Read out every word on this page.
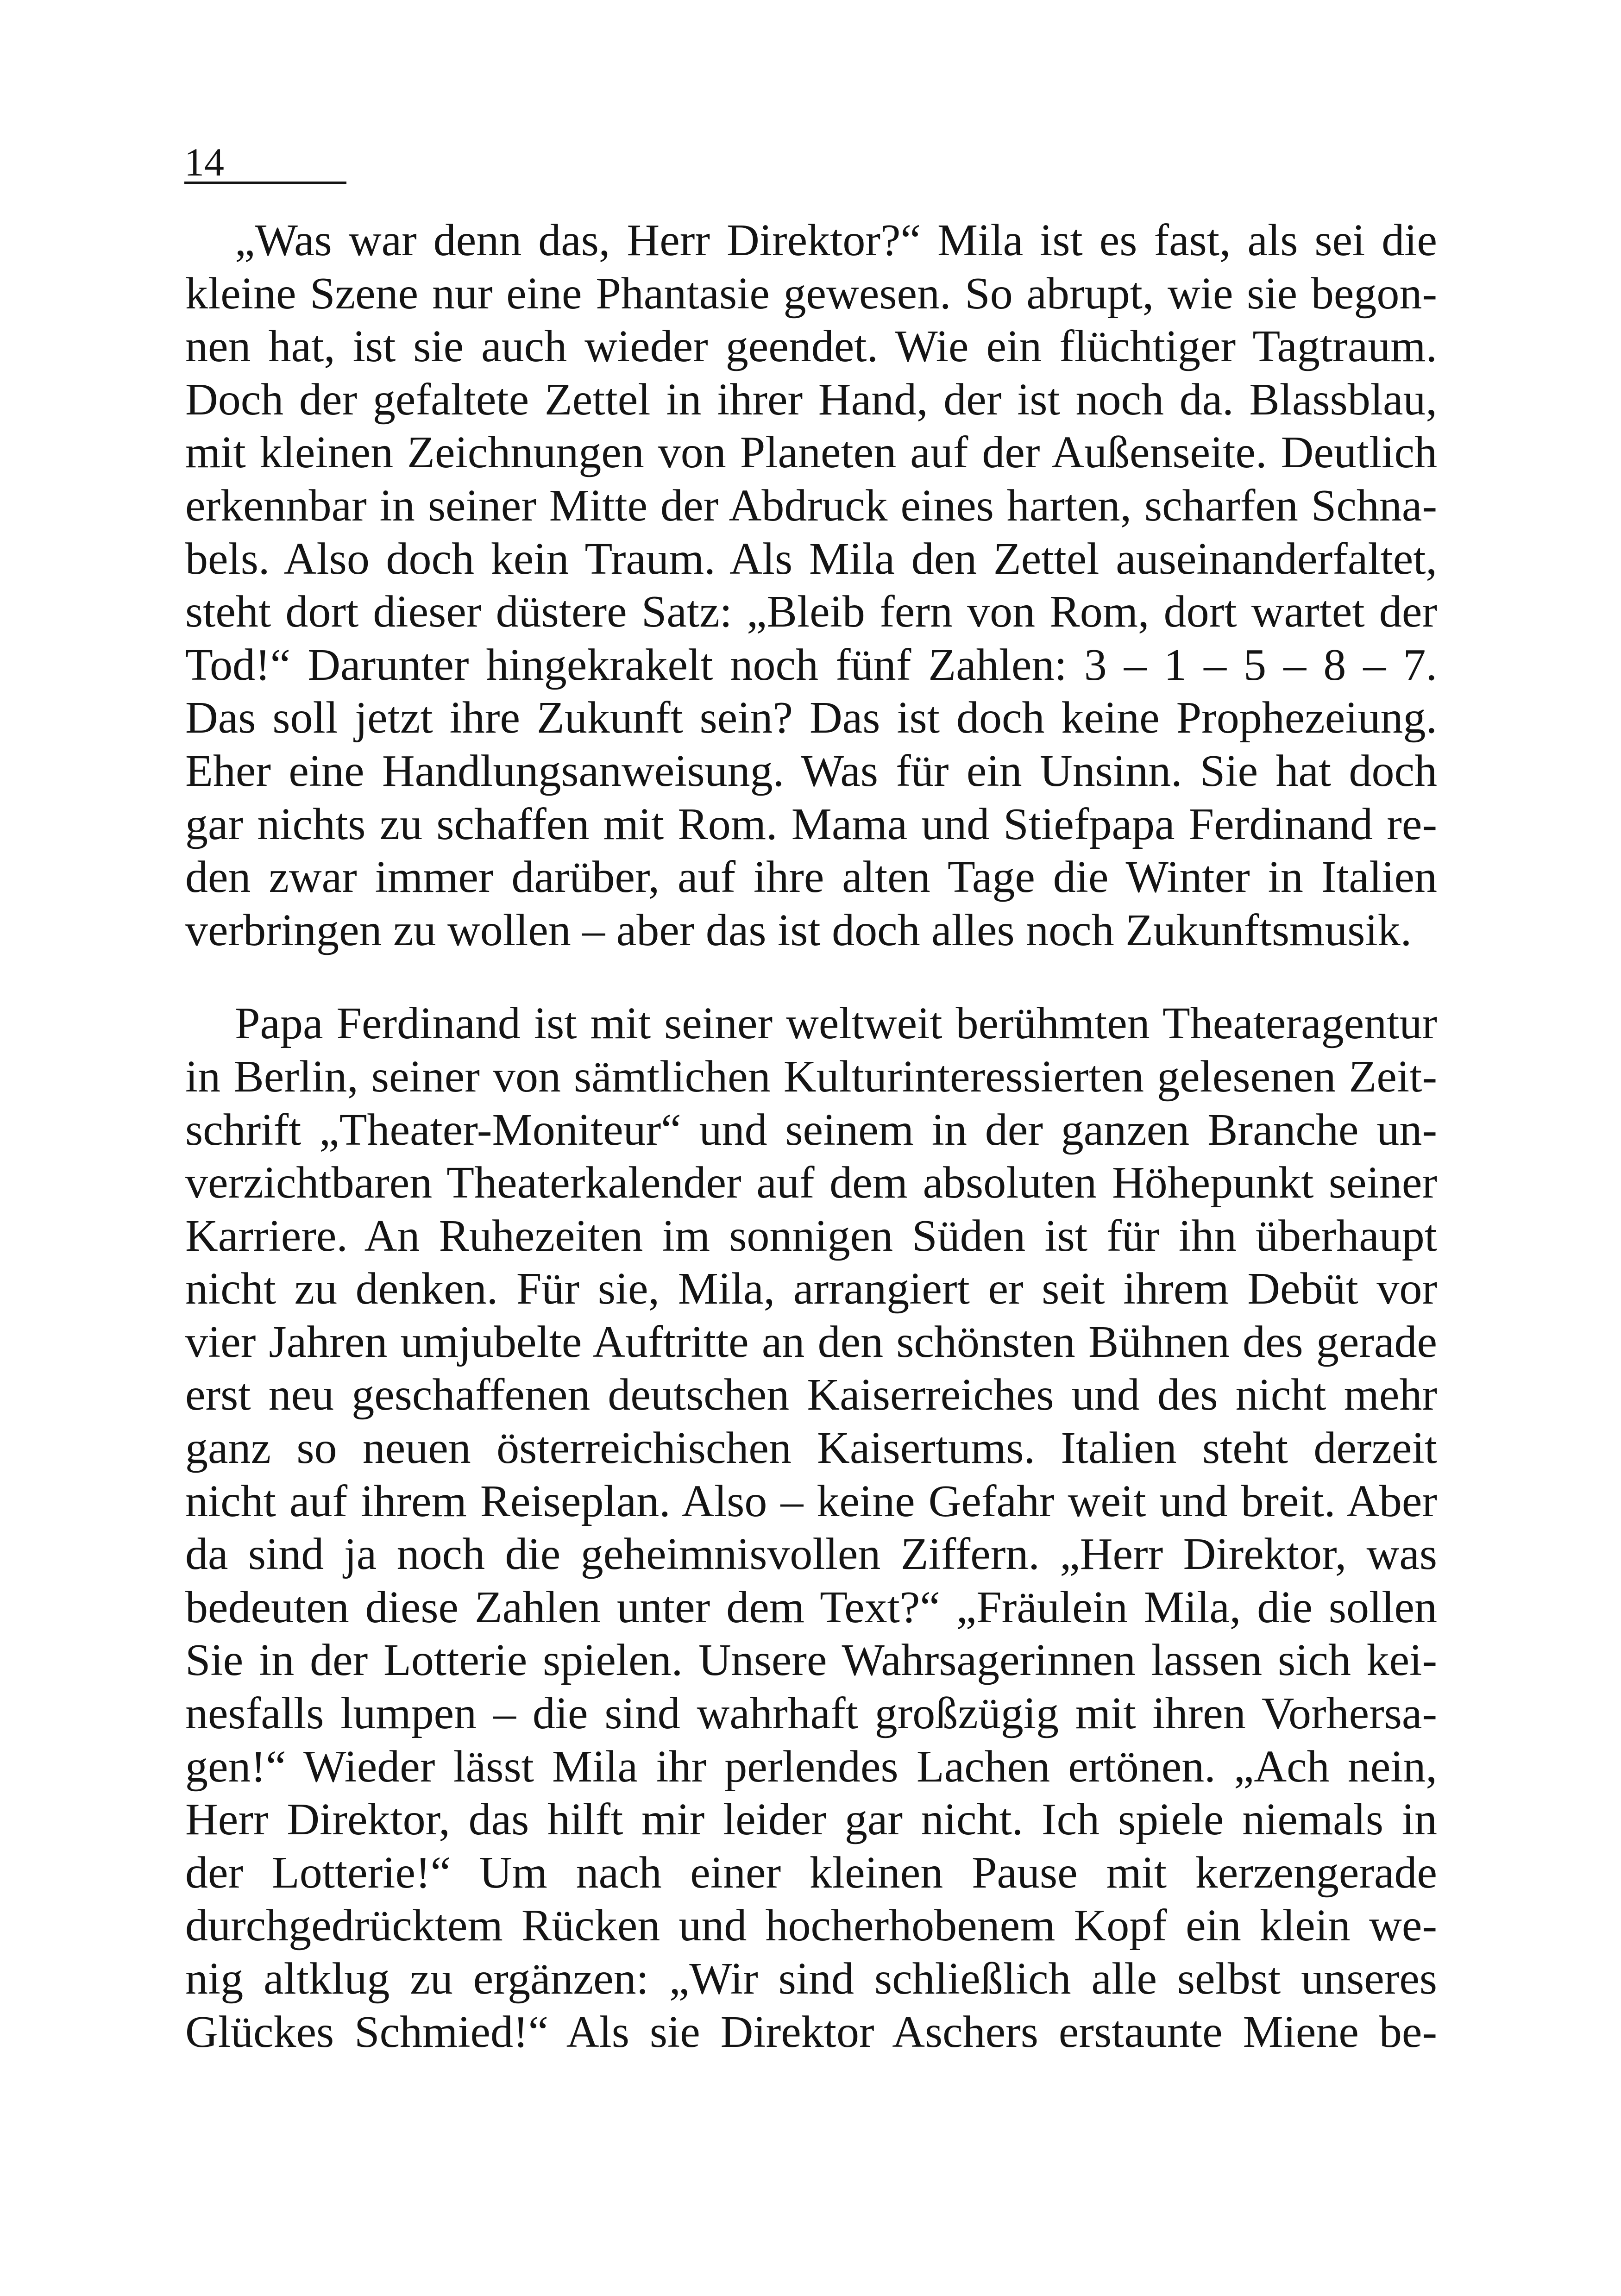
14
„Was war denn das, Herr Direktor?“ Mila ist es fast, als sei die
kleine Szene nur eine Phantasie gewesen. So abrupt, wie sie begon-
nen hat, ist sie auch wieder geendet. Wie ein flüchtiger Tagtraum.
Doch der gefaltete Zettel in ihrer Hand, der ist noch da. Blassblau,
mit kleinen Zeichnungen von Planeten auf der Außenseite. Deutlich
erkennbar in seiner Mitte der Abdruck eines harten, scharfen Schna-
bels. Also doch kein Traum. Als Mila den Zettel auseinanderfaltet,
steht dort dieser düstere Satz: „Bleib fern von Rom, dort wartet der
Tod!“ Darunter hingekrakelt noch fünf Zahlen: 3 – 1 – 5 – 8 – 7.
Das soll jetzt ihre Zukunft sein? Das ist doch keine Prophezeiung.
Eher eine Handlungsanweisung. Was für ein Unsinn. Sie hat doch
gar nichts zu schaffen mit Rom. Mama und Stiefpapa Ferdinand re-
den zwar immer darüber, auf ihre alten Tage die Winter in Italien
verbringen zu wollen – aber das ist doch alles noch Zukunftsmusik.
Papa Ferdinand ist mit seiner weltweit berühmten Theateragentur
in Berlin, seiner von sämtlichen Kulturinteressierten gelesenen Zeit-
schrift „Theater-Moniteur“ und seinem in der ganzen Branche un-
verzichtbaren Theaterkalender auf dem absoluten Höhepunkt seiner
Karriere. An Ruhezeiten im sonnigen Süden ist für ihn überhaupt
nicht zu denken. Für sie, Mila, arrangiert er seit ihrem Debüt vor
vier Jahren umjubelte Auftritte an den schönsten Bühnen des gerade
erst neu geschaffenen deutschen Kaiserreiches und des nicht mehr
ganz so neuen österreichischen Kaisertums. Italien steht derzeit
nicht auf ihrem Reiseplan. Also – keine Gefahr weit und breit. Aber
da sind ja noch die geheimnisvollen Ziffern. „Herr Direktor, was
bedeuten diese Zahlen unter dem Text?“ „Fräulein Mila, die sollen
Sie in der Lotterie spielen. Unsere Wahrsagerinnen lassen sich kei-
nesfalls lumpen – die sind wahrhaft großzügig mit ihren Vorhersa-
gen!“ Wieder lässt Mila ihr perlendes Lachen ertönen. „Ach nein,
Herr Direktor, das hilft mir leider gar nicht. Ich spiele niemals in
der Lotterie!“ Um nach einer kleinen Pause mit kerzengerade
durchgedrücktem Rücken und hocherhobenem Kopf ein klein we-
nig altklug zu ergänzen: „Wir sind schließlich alle selbst unseres
Glückes Schmied!“ Als sie Direktor Aschers erstaunte Miene be-
